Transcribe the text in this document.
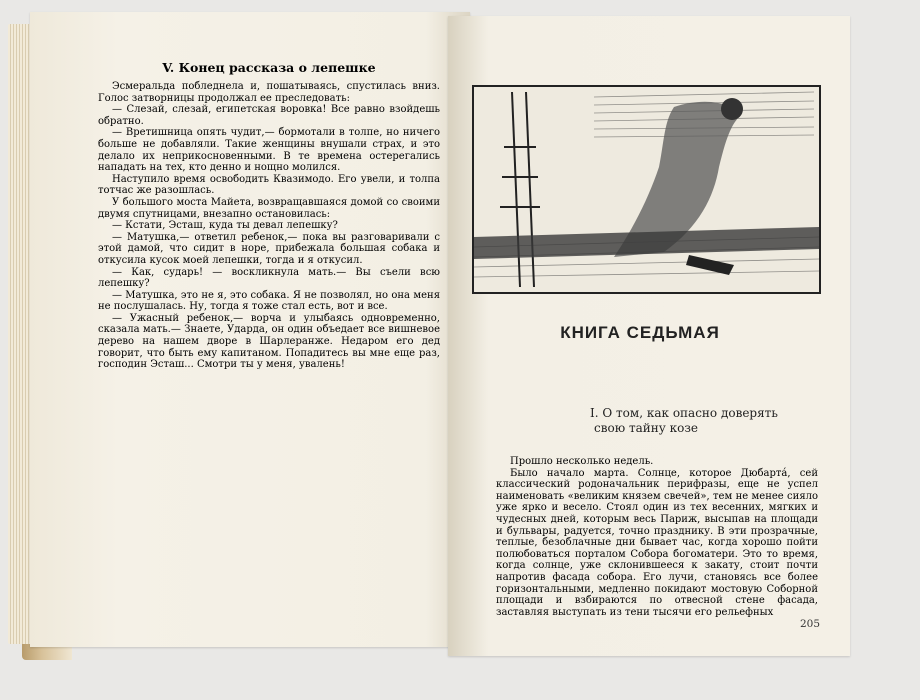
V. Конец рассказа о лепешке

Эсмеральда побледнела и, пошатываясь, спустилась вниз. Голос затворницы продолжал ее преследовать:

— Слезай, слезай, египетская воровка! Все равно взойдешь обратно.

— Вретишница опять чудит,— бормотали в толпе, но ничего больше не добавляли. Такие женщины внушали страх, и это делало их неприкосновенными. В те времена остерегались нападать на тех, кто денно и нощно молился.

Наступило время освободить Квазимодо. Его увели, и толпа тотчас же разошлась.

У большого моста Майета, возвращавшаяся домой со своими двумя спутницами, внезапно остановилась:

— Кстати, Эсташ, куда ты девал лепешку?

— Матушка,— ответил ребенок,— пока вы разговаривали с этой дамой, что сидит в норе, прибежала большая собака и откусила кусок моей лепешки, тогда и я откусил.

— Как, сударь! — воскликнула мать.— Вы съели всю лепешку?

— Матушка, это не я, это собака. Я не позволял, но она меня не послушалась. Ну, тогда я тоже стал есть, вот и все.

— Ужасный ребенок,— ворча и улыбаясь одновременно, сказала мать.— Знаете, Ударда, он один объедает все вишневое дерево на нашем дворе в Шарлеранже. Недаром его дед говорит, что быть ему капитаном. Попадитесь вы мне еще раз, господин Эсташ... Смотри ты у меня, увалень!

КНИГА СЕДЬМАЯ
I. О том, как опасно доверять
свою тайну козе

Прошло несколько недель.

Было начало марта. Солнце, которое Дюбартá, сей классический родоначальник перифразы, еще не успел наименовать «великим князем свечей», тем не менее сияло уже ярко и весело. Стоял один из тех весенних, мягких и чудесных дней, которым весь Париж, высыпав на площади и бульвары, радуется, точно празднику. В эти прозрачные, теплые, безоблачные дни бывает час, когда хорошо пойти полюбоваться порталом Собора богоматери. Это то время, когда солнце, уже склонившееся к закату, стоит почти напротив фасада собора. Его лучи, становясь все более горизонтальными, медленно покидают мостовую Соборной площади и взбираются по отвесной стене фасада, заставляя выступать из тени тысячи его рельефных

205
